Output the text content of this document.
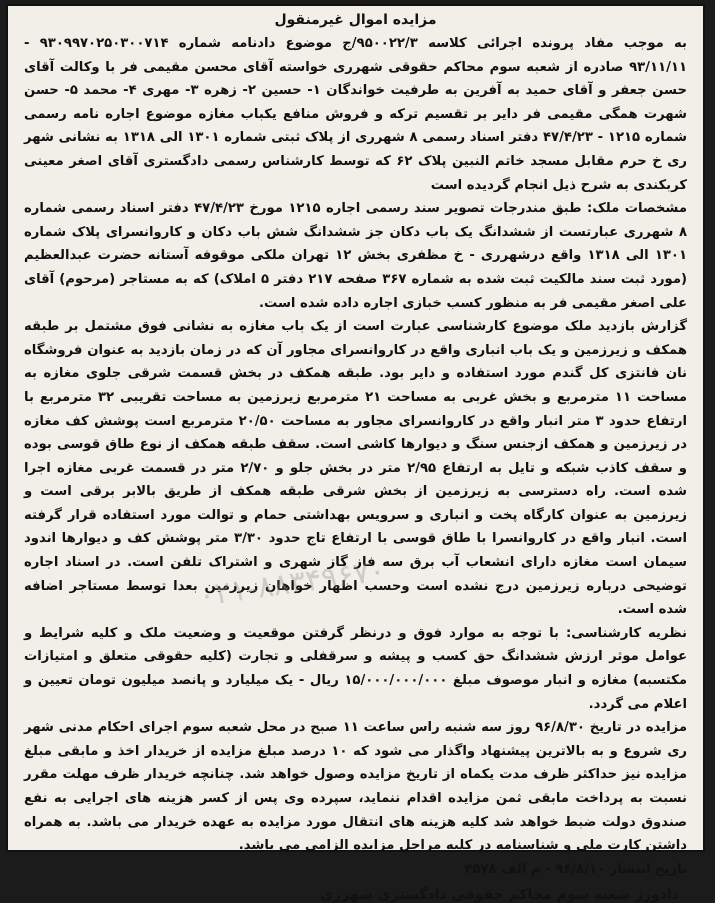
مزایده اموال غیرمنقول

به موجب مفاد پرونده اجرائی کلاسه ۹۵۰۰۲۲/۳/ج موضوع دادنامه شماره ۹۳۰۹۹۷۰۲۵۰۳۰۰۷۱۴ - ۹۳/۱۱/۱۱ صادره از شعبه سوم محاکم حقوقی شهرری خواسته آقای محسن مقیمی فر با وکالت آقای حسن جعفر و آقای حمید به آفرین به طرفیت خواندگان ۱- حسین ۲- زهره ۳- مهری ۴- محمد ۵- حسن شهرت همگی مقیمی فر دایر بر تقسیم ترکه و فروش منافع یکباب مغازه موضوع اجاره نامه رسمی شماره ۱۲۱۵ - ۴۷/۴/۲۳ دفتر اسناد رسمی ۸ شهرری از پلاک ثبتی شماره ۱۳۰۱ الی ۱۳۱۸ به نشانی شهر ری خ حرم مقابل مسجد خاتم النبین پلاک ۶۲ که توسط کارشناس رسمی دادگستری آقای اصغر معینی کربکندی به شرح ذیل انجام گردیده است

مشخصات ملک: طبق مندرجات تصویر سند رسمی اجاره ۱۲۱۵ مورخ ۴۷/۴/۲۳ دفتر اسناد رسمی شماره ۸ شهرری عبارتست از ششدانگ یک باب دکان جز ششدانگ شش باب دکان و کاروانسرای پلاک شماره ۱۳۰۱ الی ۱۳۱۸ واقع درشهرری - خ مظفری بخش ۱۲ تهران ملکی موقوفه آستانه حضرت عبدالعظیم (مورد ثبت سند مالکیت ثبت شده به شماره ۳۶۷ صفحه ۲۱۷ دفتر ۵ املاک) که به مستاجر (مرحوم) آقای علی اصغر مقیمی فر به منظور کسب خبازی اجاره داده شده است.

گزارش بازدید ملک موضوع کارشناسی عبارت است از یک باب مغازه به نشانی فوق مشتمل بر طبقه همکف و زیرزمین و یک باب انباری واقع در کاروانسرای مجاور آن که در زمان بازدید به عنوان فروشگاه نان فانتزی کل گندم مورد استفاده و دایر بود. طبقه همکف در بخش قسمت شرقی جلوی مغازه به مساحت ۱۱ مترمربع و بخش غربی به مساحت ۲۱ مترمربع زیرزمین به مساحت تقریبی ۳۲ مترمربع با ارتفاع حدود ۳ متر انبار واقع در کاروانسرای مجاور به مساحت ۲۰/۵۰ مترمربع است پوشش کف مغازه در زیرزمین و همکف ازجنس سنگ و دیوارها کاشی است. سقف طبقه همکف از نوع طاق قوسی بوده و سقف کاذب شبکه و تایل به ارتفاع ۲/۹۵ متر در بخش جلو و ۲/۷۰ متر در قسمت غربی مغازه اجرا شده است. راه دسترسی به زیرزمین از بخش شرقی طبقه همکف از طریق بالابر برقی است و زیرزمین به عنوان کارگاه پخت و انباری و سرویس بهداشتی حمام و توالت مورد استفاده قرار گرفته است. انبار واقع در کاروانسرا با طاق قوسی با ارتفاع تاج حدود ۳/۳۰ متر پوشش کف و دیوارها اندود سیمان است مغازه دارای انشعاب آب برق سه فاز گاز شهری و اشتراک تلفن است. در اسناد اجاره توضیحی درباره زیرزمین درج نشده است وحسب اظهار خواهان زیرزمین بعدا توسط مستاجر اضافه شده است.

نظریه کارشناسی: با توجه به موارد فوق و درنظر گرفتن موقعیت و وضعیت ملک و کلیه شرایط و عوامل موثر ارزش ششدانگ حق کسب و پیشه و سرقفلی و تجارت (کلیه حقوقی متعلق و امتیازات مکتسبه) مغازه و انبار موصوف مبلغ ۱۵/۰۰۰/۰۰۰/۰۰۰ ریال - یک میلیارد و پانصد میلیون تومان تعیین و اعلام می گردد.

مزایده در تاریخ ۹۶/۸/۳۰ روز سه شنبه راس ساعت ۱۱ صبح در محل شعبه سوم اجرای احکام مدنی شهر ری شروع و به بالاترین پیشنهاد واگذار می شود که ۱۰ درصد مبلغ مزایده از خریدار اخذ و مابقی مبلغ مزایده نیز حداکثر ظرف مدت یکماه از تاریخ مزایده وصول خواهد شد. چنانچه خریدار ظرف مهلت مقرر نسبت به پرداخت مابقی ثمن مزایده اقدام ننماید، سپرده وی پس از کسر هزینه های اجرایی به نفع صندوق دولت ضبط خواهد شد کلیه هزینه های انتقال مورد مزایده به عهده خریدار می باشد. به همراه داشتن کارت ملی و شناسنامه در کلیه مراحل مزایده الزامی می باشد.

تاریخ انتشار ۹۶/۸/۱۰ - م الف ۴۵۷۸

دادورز شعبه سوم محاکم حقوقی دادگستری شهرری
۰۲۱-۸۸۳۴۹۶۷۰
